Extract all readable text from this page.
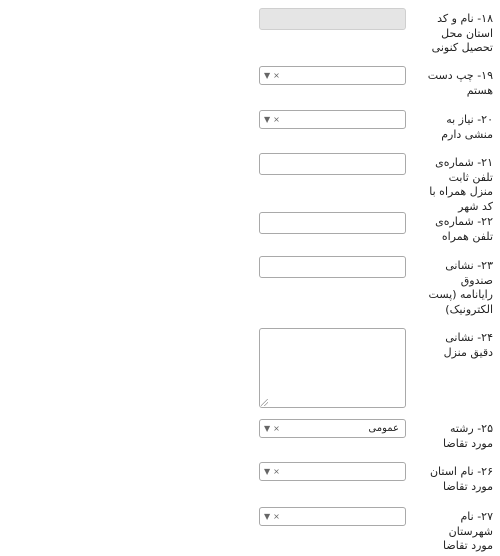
۱۸- نام و کد استان محل تحصیل کنونی
۱۹- چپ دست هستم
▼ ×
۲۰- نیاز به منشی دارم
▼ ×
۲۱- شماره‌ی تلفن ثابت منزل همراه با کد شهر
۲۲- شماره‌ی تلفن همراه
۲۳- نشانی صندوق رایانامه (پست الکترونیک)
۲۴- نشانی دقیق منزل
۲۵- رشته مورد تقاضا
▼ ×	عمومی
۲۶- نام استان مورد تقاضا
▼ ×
۲۷- نام شهرستان مورد تقاضا
▼ ×
